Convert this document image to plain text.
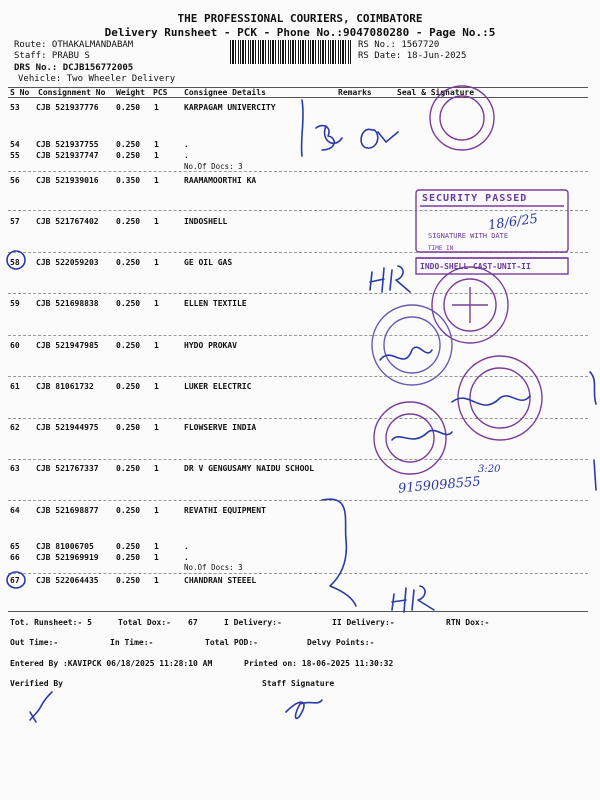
THE PROFESSIONAL COURIERS, COIMBATORE
Delivery Runsheet - PCK - Phone No.:9047080280 - Page No.:5
Route: OTHAKALMANDABAM
Staff: PRABU S
DRS No.: DCJB156772005
Vehicle: Two Wheeler Delivery
RS No.: 1567720
RS Date: 18-Jun-2025
S No Consignment No Weight PCS Consignee Details	Remarks	Seal & Signature
53 CJB 521937776 0.250 1	KARPAGAM UNIVERCITY
54 CJB 521937755 0.250 1	.
55 CJB 521937747 0.250 1	.
No.Of Docs: 3
56 CJB 521939016 0.350 1	RAAMAMOORTHI KA
57 CJB 521767402 0.250 1	INDOSHELL
58 CJB 522059203 0.250 1	GE OIL GAS
59 CJB 521698838 0.250 1	ELLEN TEXTILE
60 CJB 521947985 0.250 1	HYDO PROKAV
61 CJB 81061732	0.250 1	LUKER ELECTRIC
62 CJB 521944975 0.250 1	FLOWSERVE INDIA
63 CJB 521767337 0.250 1	DR V GENGUSAMY NAIDU SCHOOL
64 CJB 521698877 0.250 1	REVATHI EQUIPMENT
65 CJB 81006705	0.250 1	.
66 CJB 521969919 0.250 1	.
No.Of Docs: 3
67 CJB 522064435 0.250 1	CHANDRAN STEEEL
Tot. Runsheet:- 5	Total Dox:- 67	I Delivery:-	II Delivery:-	RTN Dox:-
Out Time:-	In Time:-	Total POD:-	Delvy Points:-
Entered By :KAVIPCK 06/18/2025 11:28:10 AM	Printed on: 18-06-2025 11:30:32
Verified By	Staff Signature
SECURITY PASSED
SIGNATURE WITH DATE
TIME IN
INDO-SHELL CAST-UNIT-II
18/6/25
9159098555
3:20
